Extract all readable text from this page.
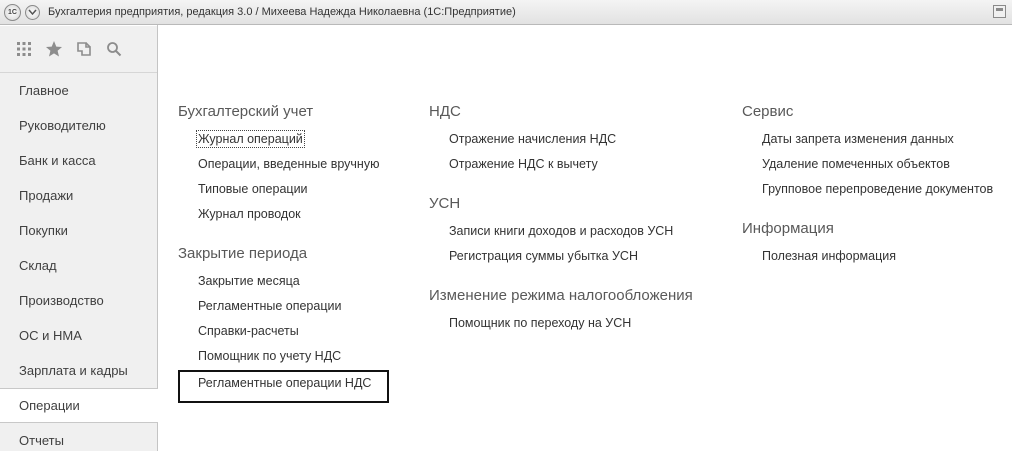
1С	Бухгалтерия предприятия, редакция 3.0 / Михеева Надежда Николаевна (1С:Предприятие)
Главное
Руководителю
Банк и касса
Продажи
Покупки
Склад
Производство
ОС и НМА
Зарплата и кадры
Операции
Отчеты
Бухгалтерский учет
Журнал операций
Операции, введенные вручную
Типовые операции
Журнал проводок
Закрытие периода
Закрытие месяца
Регламентные операции
Справки-расчеты
Помощник по учету НДС
Регламентные операции НДС
НДС
Отражение начисления НДС
Отражение НДС к вычету
УСН
Записи книги доходов и расходов УСН
Регистрация суммы убытка УСН
Изменение режима налогообложения
Помощник по переходу на УСН
Сервис
Даты запрета изменения данных
Удаление помеченных объектов
Групповое перепроведение документов
Информация
Полезная информация
